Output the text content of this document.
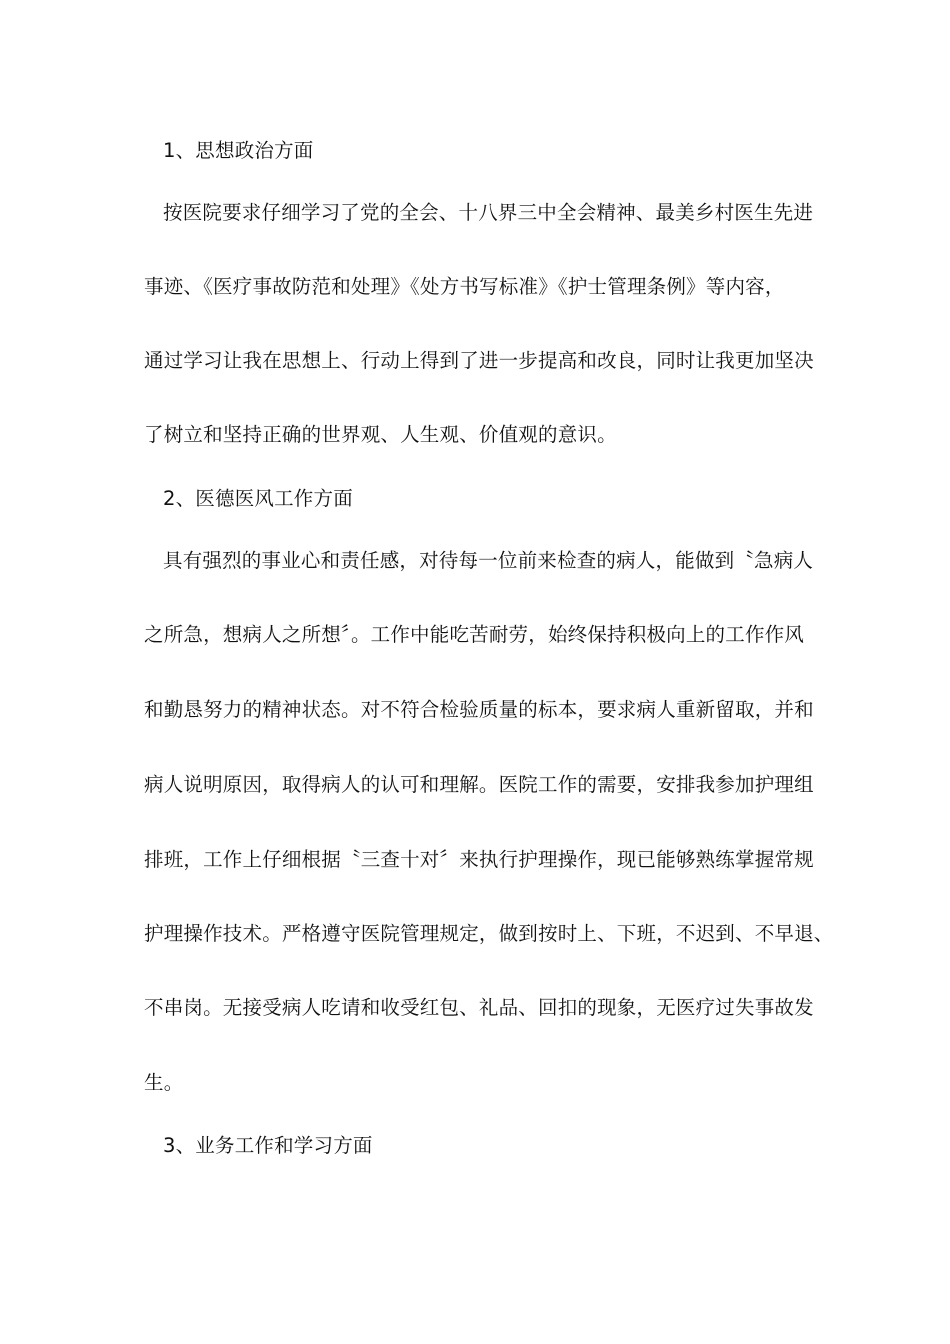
1、思想政治方面
按医院要求仔细学习了党的全会、十八界三中全会精神、最美乡村医生先进
事迹、《医疗事故防范和处理》《处方书写标准》《护士管理条例》等内容，
通过学习让我在思想上、行动上得到了进一步提高和改良，同时让我更加坚决
了树立和坚持正确的世界观、人生观、价值观的意识。
2、医德医风工作方面
具有强烈的事业心和责任感，对待每一位前来检查的病人，能做到〝急病人
之所急，想病人之所想〞。工作中能吃苦耐劳，始终保持积极向上的工作作风
和勤恳努力的精神状态。对不符合检验质量的标本，要求病人重新留取，并和
病人说明原因，取得病人的认可和理解。医院工作的需要，安排我参加护理组
排班，工作上仔细根据〝三查十对〞来执行护理操作，现已能够熟练掌握常规
护理操作技术。严格遵守医院管理规定，做到按时上、下班，不迟到、不早退、
不串岗。无接受病人吃请和收受红包、礼品、回扣的现象，无医疗过失事故发
生。
3、业务工作和学习方面
